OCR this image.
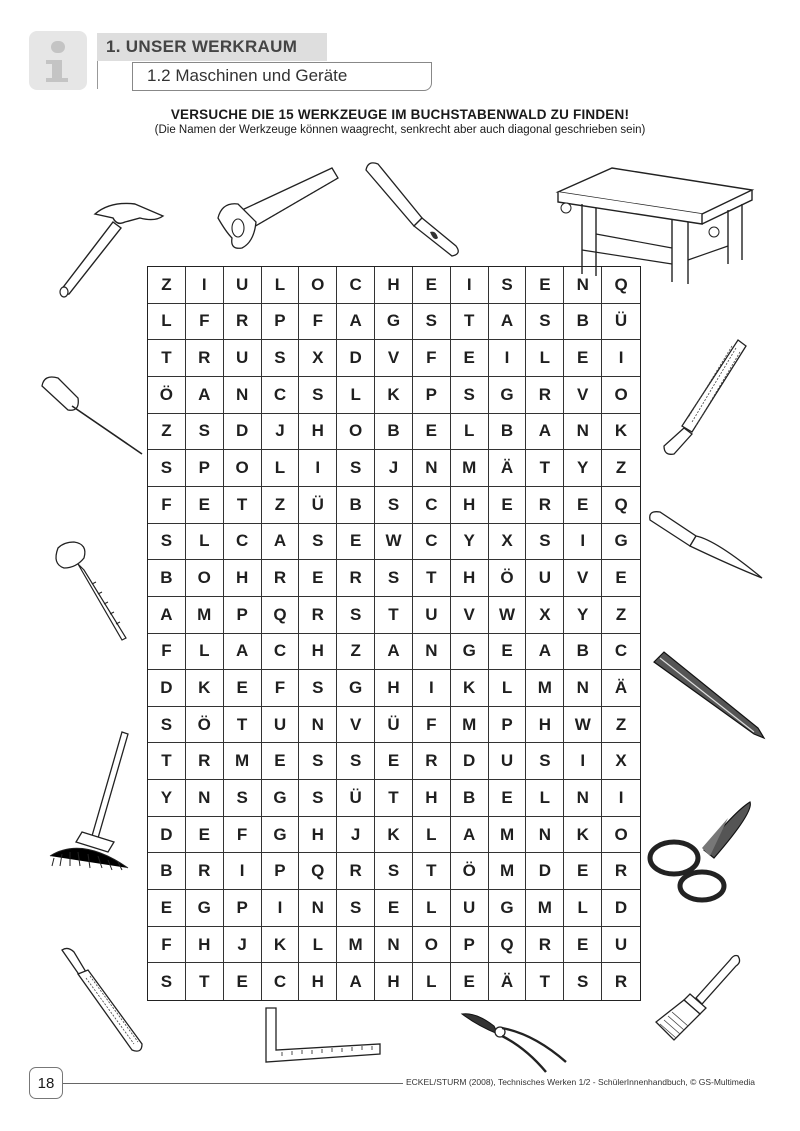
1. UNSER WERKRAUM
1.2 Maschinen und Geräte
VERSUCHE DIE 15 WERKZEUGE IM BUCHSTABENWALD ZU FINDEN!
(Die Namen der Werkzeuge können waagrecht, senkrecht aber auch diagonal geschrieben sein)
Z	I	U	L	O	C	H	E	I	S	E	N	Q
L	F	R	P	F	A	G	S	T	A	S	B	Ü
T	R	U	S	X	D	V	F	E	I	L	E	I
Ö	A	N	C	S	L	K	P	S	G	R	V	O
Z	S	D	J	H	O	B	E	L	B	A	N	K
S	P	O	L	I	S	J	N	M	Ä	T	Y	Z
F	E	T	Z	Ü	B	S	C	H	E	R	E	Q
S	L	C	A	S	E	W	C	Y	X	S	I	G
B	O	H	R	E	R	S	T	H	Ö	U	V	E
A	M	P	Q	R	S	T	U	V	W	X	Y	Z
F	L	A	C	H	Z	A	N	G	E	A	B	C
D	K	E	F	S	G	H	I	K	L	M	N	Ä
S	Ö	T	U	N	V	Ü	F	M	P	H	W	Z
T	R	M	E	S	S	E	R	D	U	S	I	X
Y	N	S	G	S	Ü	T	H	B	E	L	N	I
D	E	F	G	H	J	K	L	A	M	N	K	O
B	R	I	P	Q	R	S	T	Ö	M	D	E	R
E	G	P	I	N	S	E	L	U	G	M	L	D
F	H	J	K	L	M	N	O	P	Q	R	E	U
S	T	E	C	H	A	H	L	E	Ä	T	S	R
18	ECKEL/STURM (2008), Technisches Werken 1/2 - SchülerInnenhandbuch, © GS-Multimedia
